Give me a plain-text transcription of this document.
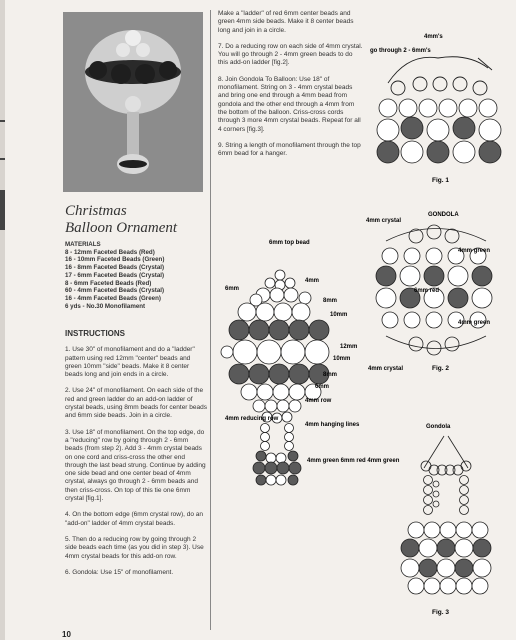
Christmas
Balloon Ornament
MATERIALS
8 - 12mm Faceted Beads (Red)
16 - 10mm Faceted Beads (Green)
16 - 8mm Faceted Beads (Crystal)
17 - 6mm Faceted Beads (Crystal)
8 - 6mm Faceted Beads (Red)
60 - 4mm Faceted Beads (Crystal)
16 - 4mm Faceted Beads (Green)
6 yds - No.30 Monofilament
INSTRUCTIONS

1. Use 30" of monofilament and do a "ladder" pattern using red 12mm "center" beads and green 10mm "side" beads. Make it 8 center beads long and join ends in a circle.

2. Use 24" of monofilament. On each side of the red and green ladder do an add-on ladder of crystal beads, using 8mm beads for center beads and 6mm side beads. Join in a circle.

3. Use 18" of monofilament. On the top edge, do a "reducing" row by going through 2 - 6mm beads (from step 2). Add 3 - 4mm crystal beads on one cord and criss-cross the other end through the last bead strung. Continue by adding one side bead and one center bead of 4mm crystal, always go through 2 - 6mm beads and then criss-cross. On top of this tie one 6mm crystal [fig.1].

4. On the bottom edge (6mm crystal row), do an "add-on" ladder of 4mm crystal beads.

5. Then do a reducing row by going through 2 side beads each time (as you did in step 3). Use 4mm crystal beads for this add-on row.

6. Gondola: Use 15" of monofilament.

10

Make a "ladder" of red 6mm center beads and green 4mm side beads. Make it 8 center beads long and join in a circle.

7. Do a reducing row on each side of 4mm crystal. You will go through 2 - 4mm green beads to do this add-on ladder [fig.2].

8. Join Gondola To Balloon: Use 18" of monofilament. String on 3 - 4mm crystal beads and bring one end through a 4mm bead from gondola and the other end through a 4mm from the bottom of the balloon. Criss-cross cords through 3 more 4mm crystal beads. Repeat for all 4 corners [fig.3].

9. String a length of monofilament through the top 6mm bead for a hanger.

6mm top bead
6mm
4mm
8mm
10mm
12mm
10mm
8mm
6mm
4mm row
4mm reducing row
4mm hanging lines
4mm green 6mm red 4mm green
4mm's
go through 2 - 6mm's
Fig. 1
GONDOLA
4mm crystal
4mm green
6mm red
4mm green
4mm crystal	Fig. 2
Gondola
Fig. 3
